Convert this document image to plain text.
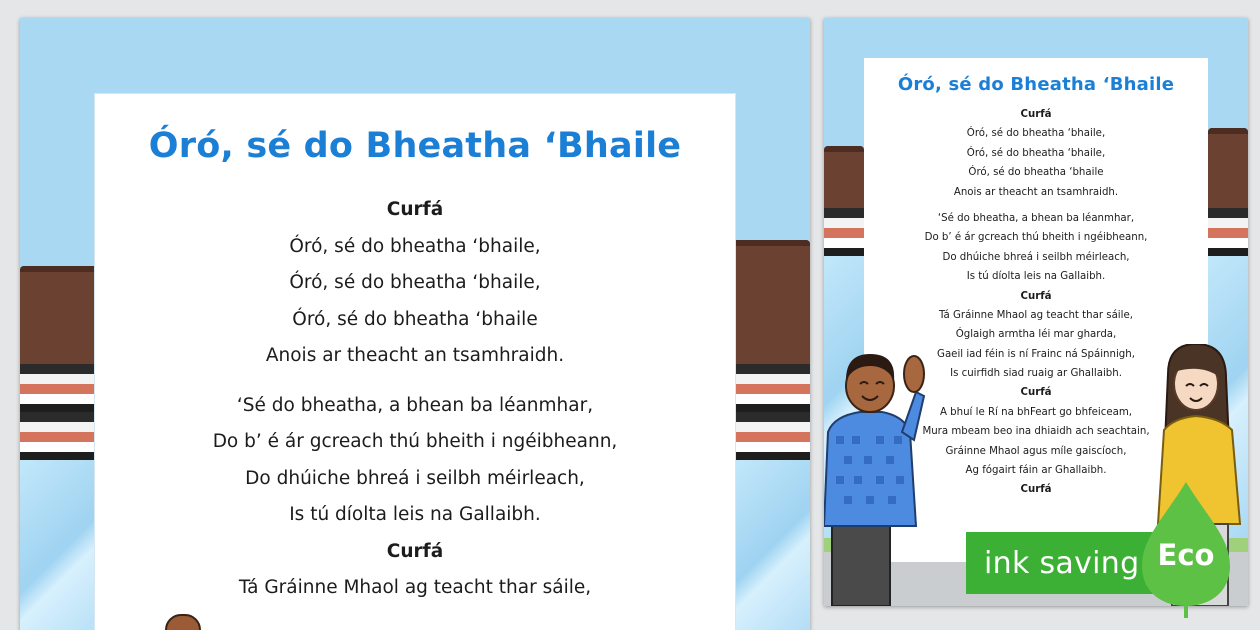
Óró, sé do Bheatha ‘Bhaile
Curfá
Óró, sé do bheatha ‘bhaile,
Óró, sé do bheatha ‘bhaile,
Óró, sé do bheatha ‘bhaile
Anois ar theacht an tsamhraidh.
‘Sé do bheatha, a bhean ba léanmhar,
Do b’ é ár gcreach thú bheith i ngéibheann,
Do dhúiche bhreá i seilbh méirleach,
Is tú díolta leis na Gallaibh.
Curfá
Tá Gráinne Mhaol ag teacht thar sáile,
Óró, sé do Bheatha ‘Bhaile
Curfá
Óró, sé do bheatha ‘bhaile,
Óró, sé do bheatha ‘bhaile,
Óró, sé do bheatha ‘bhaile
Anois ar theacht an tsamhraidh.
‘Sé do bheatha, a bhean ba léanmhar,
Do b’ é ár gcreach thú bheith i ngéibheann,
Do dhúiche bhreá i seilbh méirleach,
Is tú díolta leis na Gallaibh.
Curfá
Tá Gráinne Mhaol ag teacht thar sáile,
Óglaigh armtha léi mar gharda,
Gaeil iad féin is ní Frainc ná Spáinnigh,
Is cuirfidh siad ruaig ar Ghallaibh.
Curfá
A bhuí le Rí na bhFeart go bhfeiceam,
Mura mbeam beo ina dhiaidh ach seachtain,
Gráinne Mhaol agus míle gaiscíoch,
Ag fógairt fáin ar Ghallaibh.
Curfá
ink saving Eco
